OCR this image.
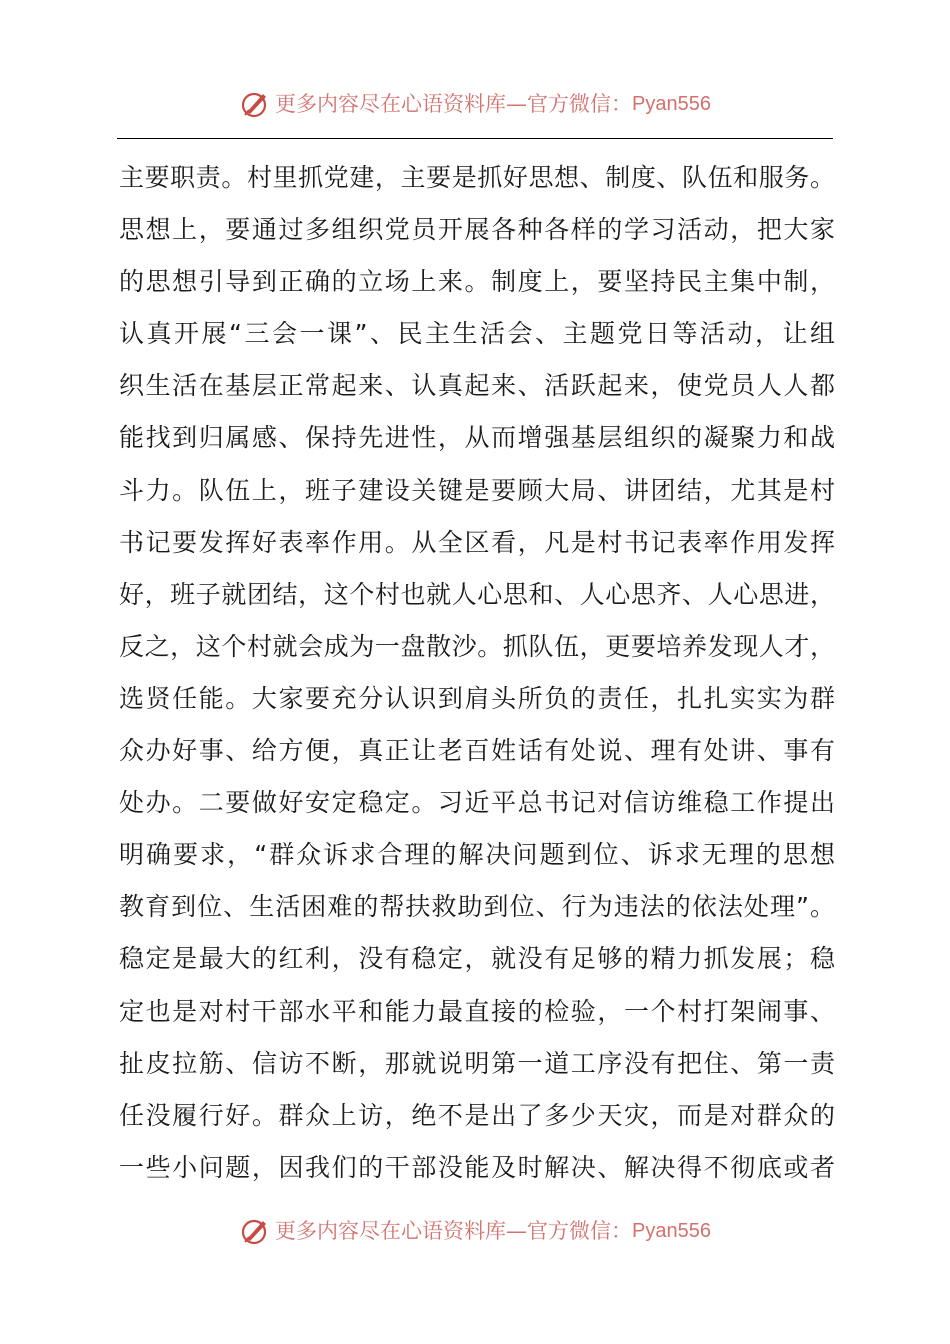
更多内容尽在心语资料库—官方微信： Pyan556
主要职责。村里抓党建，主要是抓好思想、制度、队伍和服务。
思想上，要通过多组织党员开展各种各样的学习活动，把大家
的思想引导到正确的立场上来。制度上，要坚持民主集中制，
认真开展“三会一课”、民主生活会、主题党日等活动，让组
织生活在基层正常起来、认真起来、活跃起来，使党员人人都
能找到归属感、保持先进性，从而增强基层组织的凝聚力和战
斗力。队伍上，班子建设关键是要顾大局、讲团结，尤其是村
书记要发挥好表率作用。从全区看，凡是村书记表率作用发挥
好，班子就团结，这个村也就人心思和、人心思齐、人心思进，
反之，这个村就会成为一盘散沙。抓队伍，更要培养发现人才，
选贤任能。大家要充分认识到肩头所负的责任，扎扎实实为群
众办好事、给方便，真正让老百姓话有处说、理有处讲、事有
处办。二要做好安定稳定。习近平总书记对信访维稳工作提出
明确要求，“群众诉求合理的解决问题到位、诉求无理的思想
教育到位、生活困难的帮扶救助到位、行为违法的依法处理”。
稳定是最大的红利，没有稳定，就没有足够的精力抓发展；稳
定也是对村干部水平和能力最直接的检验，一个村打架闹事、
扯皮拉筋、信访不断，那就说明第一道工序没有把住、第一责
任没履行好。群众上访，绝不是出了多少天灾，而是对群众的
一些小问题，因我们的干部没能及时解决、解决得不彻底或者
更多内容尽在心语资料库—官方微信： Pyan556
